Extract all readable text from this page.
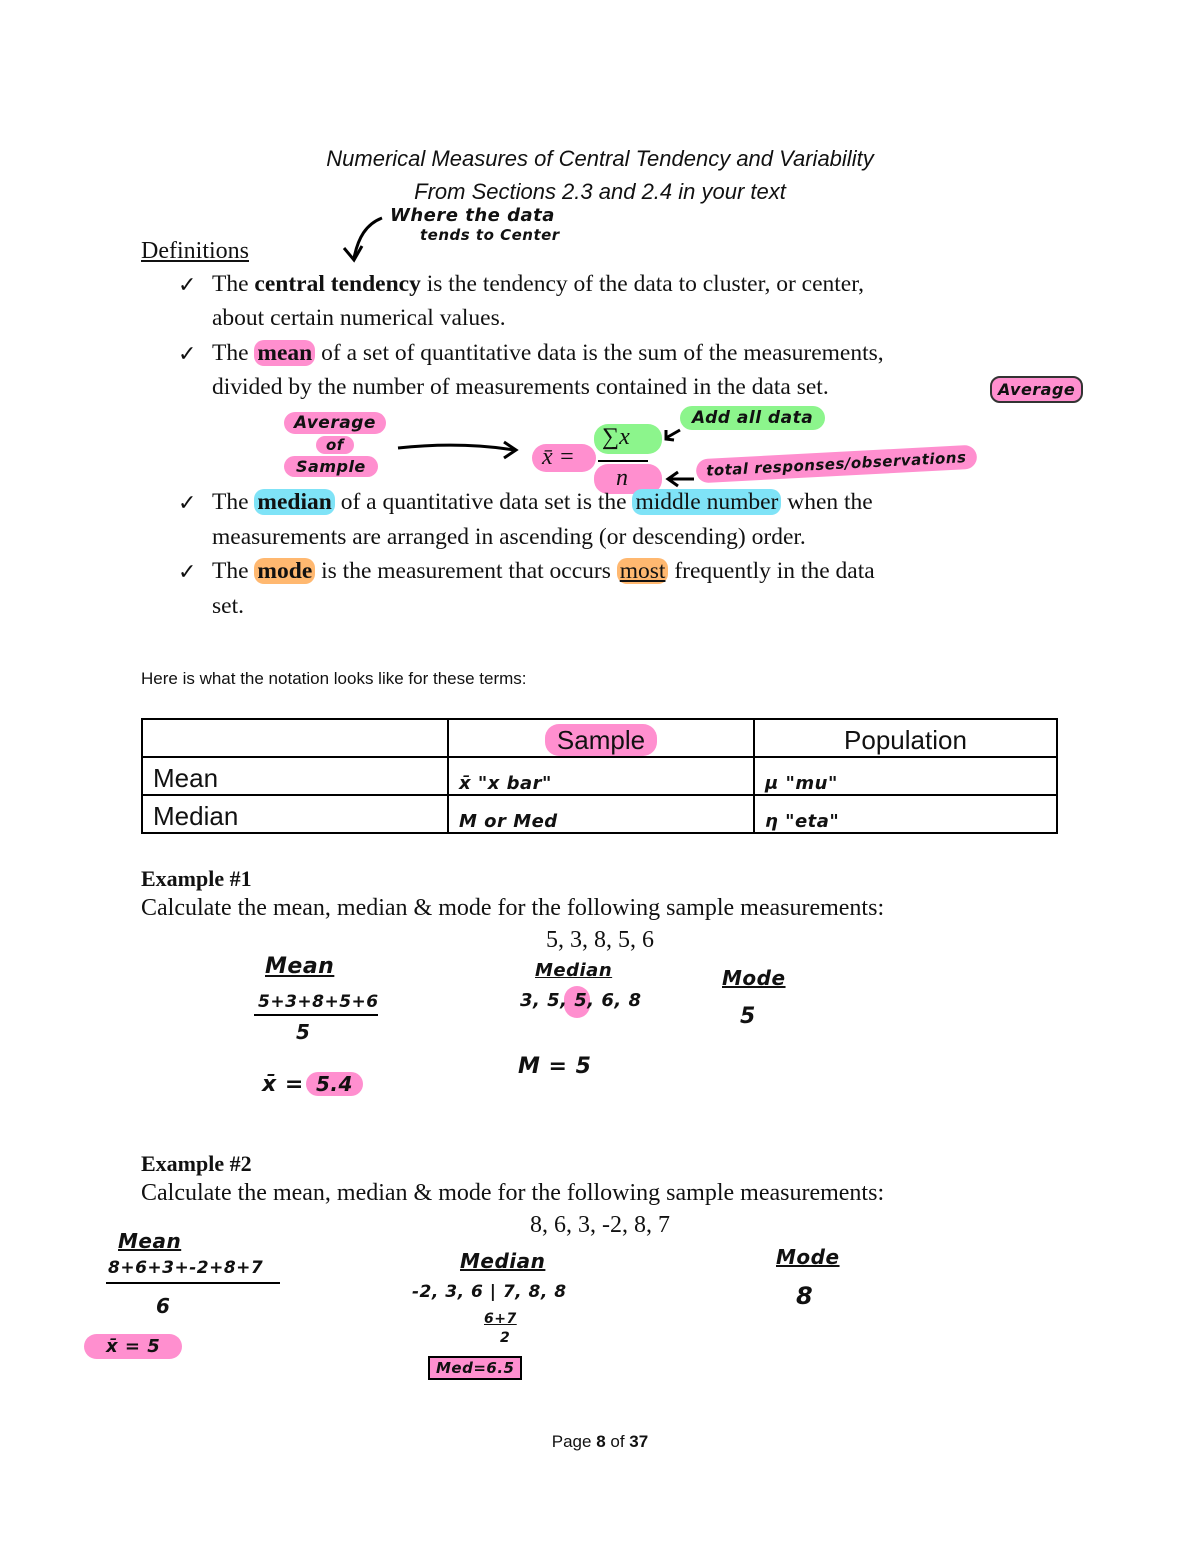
Numerical Measures of Central Tendency and Variability
From Sections 2.3 and 2.4 in your text
Where the data
tends to Center
Definitions
✓ The central tendency is the tendency of the data to cluster, or center,
about certain numerical values.
✓ The mean of a set of quantitative data is the sum of the measurements,
divided by the number of measurements contained in the data set.	Average
Average
of
Sample	x̄ =
∑x
n
Add all data
total responses/observations
✓ The median of a quantitative data set is the middle number when the
measurements are arranged in ascending (or descending) order.
✓ The mode is the measurement that occurs most frequently in the data
set.
Here is what the notation looks like for these terms:
	Sample	Population
Mean	x̄ "x bar"	μ "mu"
Median	M or Med	η "eta"
Example #1
Calculate the mean, median & mode for the following sample measurements:
5, 3, 8, 5, 6
Mean
5+3+8+5+6
5
x̄ = 5.4
Median
3, 5, 5, 6, 8
M = 5
Mode
5
Example #2
Calculate the mean, median & mode for the following sample measurements:
8, 6, 3, -2, 8, 7
Mean
8+6+3+-2+8+7
6
x̄ = 5
Median
-2, 3, 6 | 7, 8, 8
6+7
2
Med=6.5
Mode
8
Page 8 of 37
